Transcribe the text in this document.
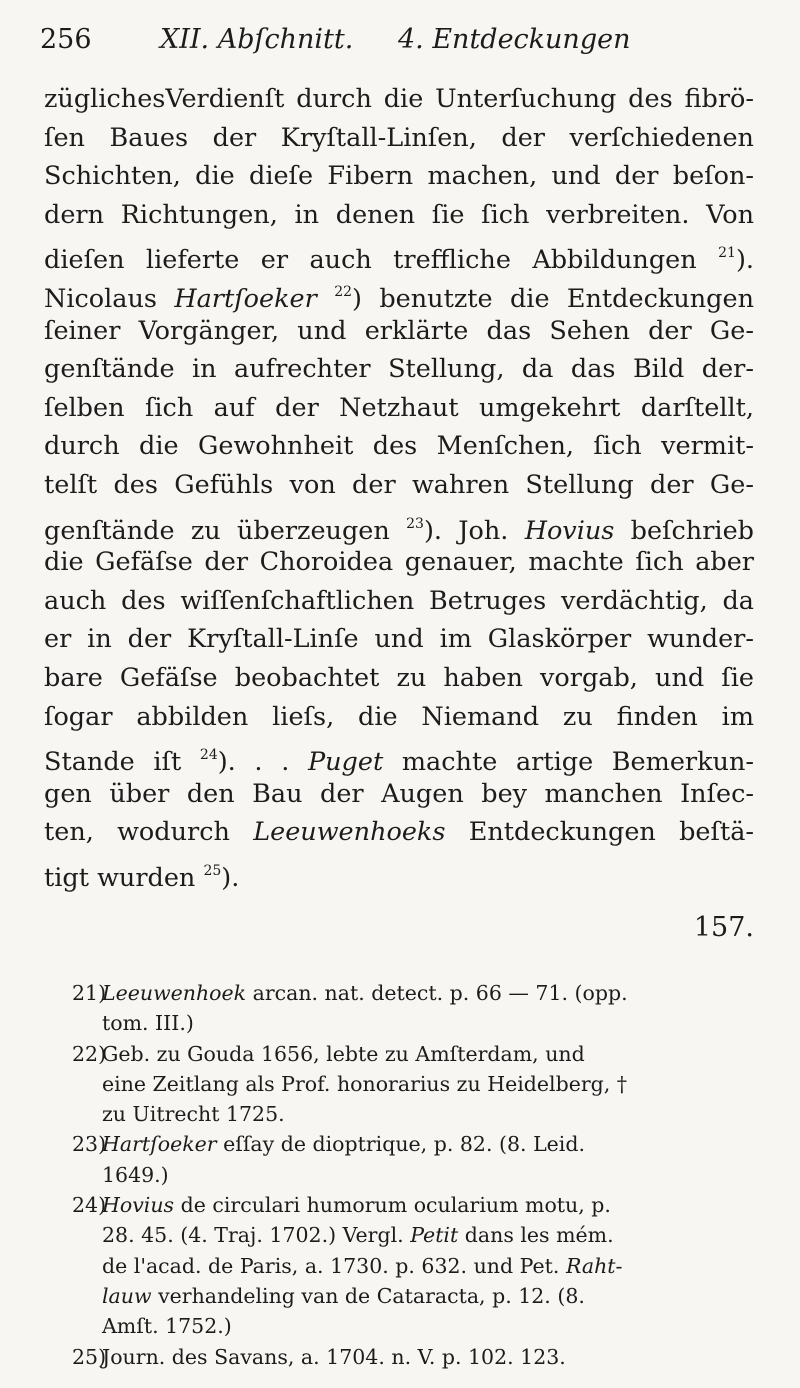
256	XII. Abſchnitt. 4. Entdeckungen
züglichesVerdienſt durch die Unterſuchung des fibrö-
ſen Baues der Kryſtall-Linſen, der verſchiedenen
Schichten, die dieſe Fibern machen, und der beſon-
dern Richtungen, in denen ſie ſich verbreiten. Von
dieſen lieferte er auch treffliche Abbildungen $^{21}$).
Nicolaus Hartſoeker $^{22}$) benutzte die Entdeckungen
ſeiner Vorgänger, und erklärte das Sehen der Ge-
genſtände in aufrechter Stellung, da das Bild der-
ſelben ſich auf der Netzhaut umgekehrt darſtellt,
durch die Gewohnheit des Menſchen, ſich vermit-
telſt des Gefühls von der wahren Stellung der Ge-
genſtände zu überzeugen $^{23}$). Joh. Hovius beſchrieb
die Gefäſse der Choroidea genauer, machte ſich aber
auch des wiſſenſchaftlichen Betruges verdächtig, da
er in der Kryſtall-Linſe und im Glaskörper wunder-
bare Gefäſse beobachtet zu haben vorgab, und ſie
ſogar abbilden lieſs, die Niemand zu finden im
Stande iſt $^{24}$). . . Puget machte artige Bemerkun-
gen über den Bau der Augen bey manchen Inſec-
ten, wodurch Leeuwenhoeks Entdeckungen beſtä-
tigt wurden $^{25}$).
157.
21)Leeuwenhoek arcan. nat. detect. p. 66 — 71. (opp.
tom. III.)
22)Geb. zu Gouda 1656, lebte zu Amſterdam, und
eine Zeitlang als Prof. honorarius zu Heidelberg, †
zu Uitrecht 1725.
23)Hartſoeker eſſay de dioptrique, p. 82. (8. Leid.
1649.)
24)Hovius de circulari humorum ocularium motu, p.
28. 45. (4. Traj. 1702.) Vergl. Petit dans les mém.
de l'acad. de Paris, a. 1730. p. 632. und Pet. Raht-
lauw verhandeling van de Cataracta, p. 12. (8.
Amſt. 1752.)
25)Journ. des Savans, a. 1704. n. V. p. 102. 123.
